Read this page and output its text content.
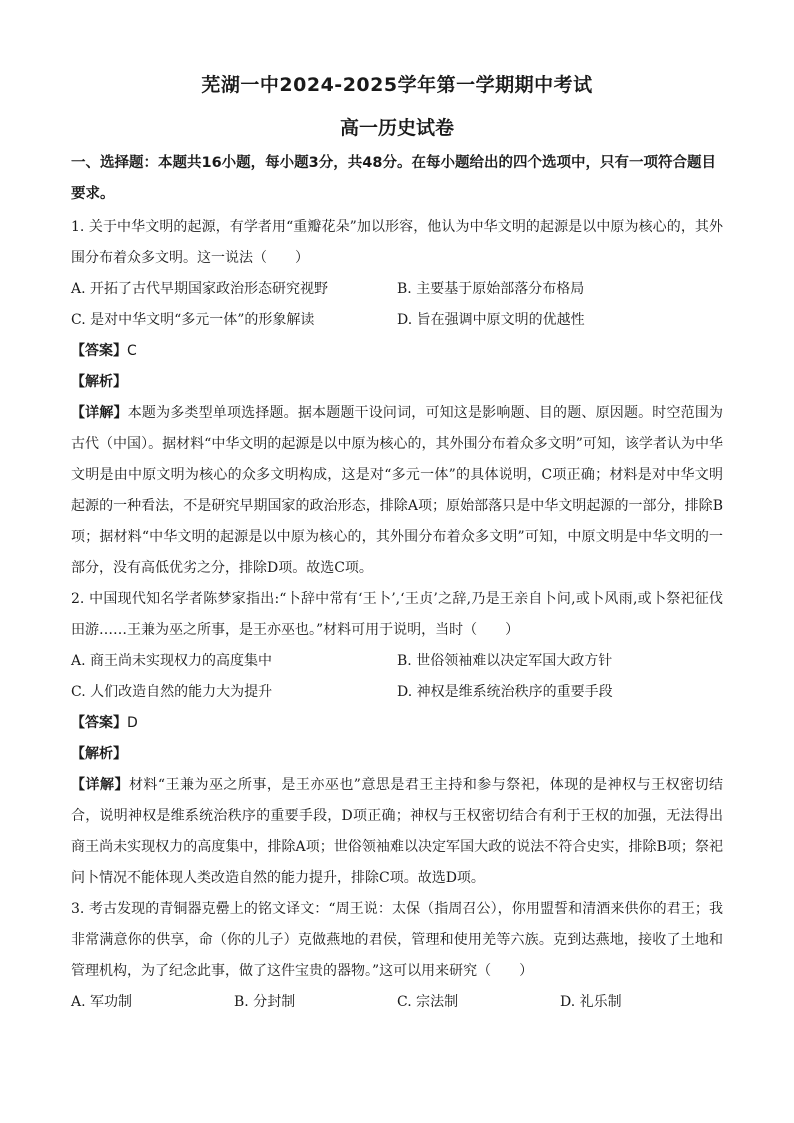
芜湖一中2024-2025学年第一学期期中考试
高一历史试卷
一、选择题：本题共16小题，每小题3分，共48分。在每小题给出的四个选项中，只有一项符合题目要求。

1. 关于中华文明的起源，有学者用“重瓣花朵”加以形容，他认为中华文明的起源是以中原为核心的，其外围分布着众多文明。这一说法（　　）

A. 开拓了古代早期国家政治形态研究视野	B. 主要基于原始部落分布格局
C. 是对中华文明“多元一体”的形象解读	D. 旨在强调中原文明的优越性
【答案】C
【解析】
【详解】本题为多类型单项选择题。据本题题干设问词，可知这是影响题、目的题、原因题。时空范围为古代（中国）。据材料“中华文明的起源是以中原为核心的，其外围分布着众多文明”可知，该学者认为中华文明是由中原文明为核心的众多文明构成，这是对“多元一体”的具体说明，C项正确；材料是对中华文明起源的一种看法，不是研究早期国家的政治形态，排除A项；原始部落只是中华文明起源的一部分，排除B项；据材料“中华文明的起源是以中原为核心的，其外围分布着众多文明”可知，中原文明是中华文明的一部分，没有高低优劣之分，排除D项。故选C项。

2. 中国现代知名学者陈梦家指出:“卜辞中常有‘王卜’,‘王贞’之辞,乃是王亲自卜问,或卜风雨,或卜祭祀征伐田游……王兼为巫之所事，是王亦巫也。”材料可用于说明，当时（　　）

A. 商王尚未实现权力的高度集中	B. 世俗领袖难以决定军国大政方针
C. 人们改造自然的能力大为提升	D. 神权是维系统治秩序的重要手段
【答案】D
【解析】
【详解】材料“王兼为巫之所事，是王亦巫也”意思是君王主持和参与祭祀，体现的是神权与王权密切结合，说明神权是维系统治秩序的重要手段，D项正确；神权与王权密切结合有利于王权的加强，无法得出商王尚未实现权力的高度集中，排除A项；世俗领袖难以决定军国大政的说法不符合史实，排除B项；祭祀问卜情况不能体现人类改造自然的能力提升，排除C项。故选D项。

3. 考古发现的青铜器克罍上的铭文译文：“周王说：太保（指周召公），你用盟誓和清酒来供你的君王；我非常满意你的供享，命（你的儿子）克做燕地的君侯，管理和使用羌等六族。克到达燕地，接收了土地和管理机构，为了纪念此事，做了这件宝贵的器物。”这可以用来研究（　　）

A. 军功制	B. 分封制	C. 宗法制	D. 礼乐制
